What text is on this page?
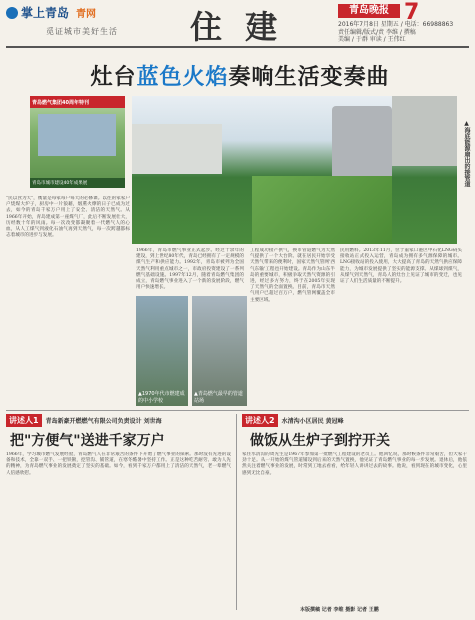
掌上青岛 青网
觅证城市美好生活 住 建	青岛晚报 7
2016年7月8日 星期五 / 电话：66988863
责任编辑/版式/责 李维 / 撰稿
美编 / 于群 审读 / 王伟红
灶台蓝色火焰奏响生活变奏曲
青岛燃气集团40周年特刊
青岛市城市建设40年成果展	▲海底能源扇出的接管道
"民以食为天"，衡量是每家每户每天的必修课。以往的家家户户烧煤大炉子，厨房中一片狼藉，烟熏火燎的日子已成为过去，如今的青岛千家万户用上了安全、清洁的天然气。从1966年开始，青岛建成第一座煤气厂，此后不断发展壮大，历经数十年的风雨。每一次改变都凝聚着一代燃气人的心血，从人工煤气到液化石油气再到天然气，每一次跨越都标志着城市的进步与发展。
1966年，青岛市燃气事业正式起步。经过十余年的建设，到上世纪80年代，青岛已经拥有了一定规模的煤气生产和供应能力。1992年，青岛市被列为全国天然气利用重点城市之一，市政府投资建设了一系列燃气基础设施。1997年12月，随着青岛燃气集团的成立，青岛燃气事业进入了一个新的发展阶段，燃气用户快速增长。
工程成功接产供气，换市管道燃气为天然气提供了一个大台阶。就在居民开始享受天然气带来的便利时，国家天然气管网'西气东输'工程也开始建设。青岛作为山东半岛的重要城市，积极争取天然气资源的引进，经过多方努力，终于在2005年实现了天然气的全面置换。目前，青岛市天然气用户已超过百万户，燃气管网覆盖全市主要区域。
民用燃料。2013年11月，位于董家口港区中石化LNG码头接收站正式投入运营，青岛成为拥有多气源保障的城市。LNG接收站的投入使用，大大提高了青岛的天然气供应保障能力，为城市发展提供了坚实的能源支撑。从煤球到煤气，从煤气到天然气，青岛人的灶台上见证了城市的变迁，也见证了人们生活质量的不断提升。
▲1970年代市燃建成的中小学校
▲青岛燃气最早的管道站场
讲述人1	青岛新豪开燃燃气有限公司负责设计 刘世海
把"方便气"送进千家万户
1966年，学习城市燃气发展经验，青岛燃气人在非常艰苦的条件下开始了燃气事业的探索。那时没有先进的设备和技术，全靠一双手、一把铁锹，挖管沟、铺管道，在寒冬酷暑中坚持工作。正是这种吃苦耐劳、敢为人先的精神，为青岛燃气事业的发展奠定了坚实的基础。如今，看到千家万户都用上了清洁的天然气，老一辈燃气人倍感欣慰。
讲述人2	水清沟小区居民 黄冠峰
做饭从生炉子到拧开关
家住水清沟的周先生是1967年参加第一批燃气工程建设的老员工。他回忆说，那时候条件非常艰苦，但大家干劲十足。从一开始的煤气管道铺设到后来的天然气置换，他见证了青岛燃气事业的每一步发展。退休后，他依然关注着燃气事业的发展，时常到工地去看看，给年轻人讲讲过去的故事。他说，看到现在的城市变化，心里感到无比自豪。
本版撰稿 记者 李维 摄影 记者 王鹏
